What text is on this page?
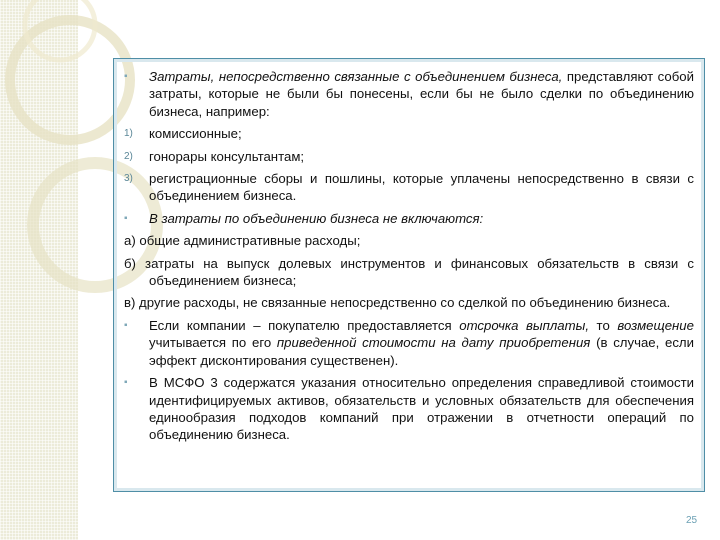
▪	Затраты, непосредственно связанные с объединением бизнеса, представляют собой затраты, которые не были бы понесены, если бы не было сделки по объединению бизнеса, например:
1)	комиссионные;
2)	гонорары консультантам;
3)	регистрационные сборы и пошлины, которые уплачены непосредственно в связи с объединением бизнеса.
▪	В затраты по объединению бизнеса не включаются:
а) общие административные расходы;
б) затраты на выпуск долевых инструментов и финансовых обязательств в связи с объединением бизнеса;
в) другие расходы, не связанные непосредственно со сделкой по объединению бизнеса.
▪	Если компании – покупателю предоставляется отсрочка выплаты, то возмещение учитывается по его приведенной стоимости на дату приобретения (в случае, если эффект дисконтирования существенен).
▪	В МСФО 3 содержатся указания относительно определения справедливой стоимости идентифицируемых активов, обязательств и условных обязательств для обеспечения единообразия подходов компаний при отражении в отчетности операций по объединению бизнеса.
25
